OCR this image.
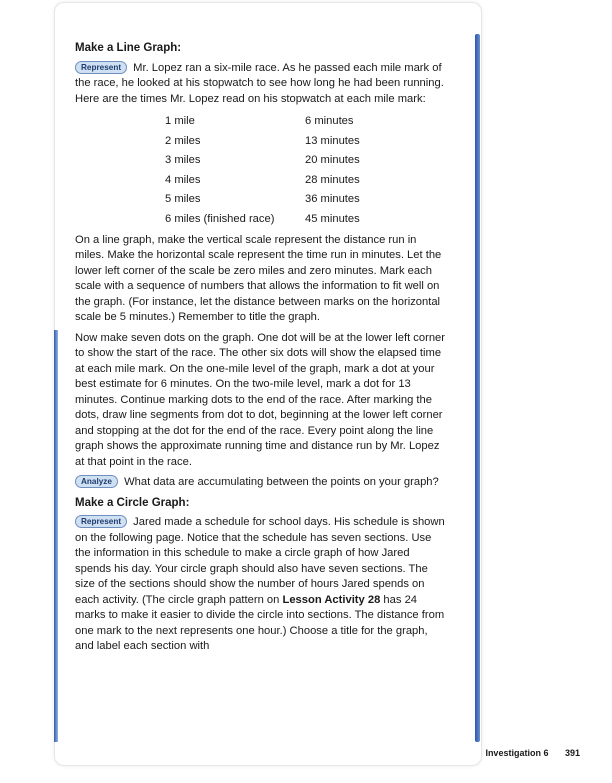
Make a Line Graph:

Represent Mr. Lopez ran a six-mile race. As he passed each mile mark of the race, he looked at his stopwatch to see how long he had been running. Here are the times Mr. Lopez read on his stopwatch at each mile mark:

1 mile	6 minutes
2 miles	13 minutes
3 miles	20 minutes
4 miles	28 minutes
5 miles	36 minutes
6 miles (finished race)	45 minutes

On a line graph, make the vertical scale represent the distance run in miles. Make the horizontal scale represent the time run in minutes. Let the lower left corner of the scale be zero miles and zero minutes. Mark each scale with a sequence of numbers that allows the information to fit well on the graph. (For instance, let the distance between marks on the horizontal scale be 5 minutes.) Remember to title the graph.

Now make seven dots on the graph. One dot will be at the lower left corner to show the start of the race. The other six dots will show the elapsed time at each mile mark. On the one-mile level of the graph, mark a dot at your best estimate for 6 minutes. On the two-mile level, mark a dot for 13 minutes. Continue marking dots to the end of the race. After marking the dots, draw line segments from dot to dot, beginning at the lower left corner and stopping at the dot for the end of the race. Every point along the line graph shows the approximate running time and distance run by Mr. Lopez at that point in the race.

Analyze What data are accumulating between the points on your graph?

Make a Circle Graph:

Represent Jared made a schedule for school days. His schedule is shown on the following page. Notice that the schedule has seven sections. Use the information in this schedule to make a circle graph of how Jared spends his day. Your circle graph should also have seven sections. The size of the sections should show the number of hours Jared spends on each activity. (The circle graph pattern on Lesson Activity 28 has 24 marks to make it easier to divide the circle into sections. The distance from one mark to the next represents one hour.) Choose a title for the graph, and label each section with

Investigation 6 391
